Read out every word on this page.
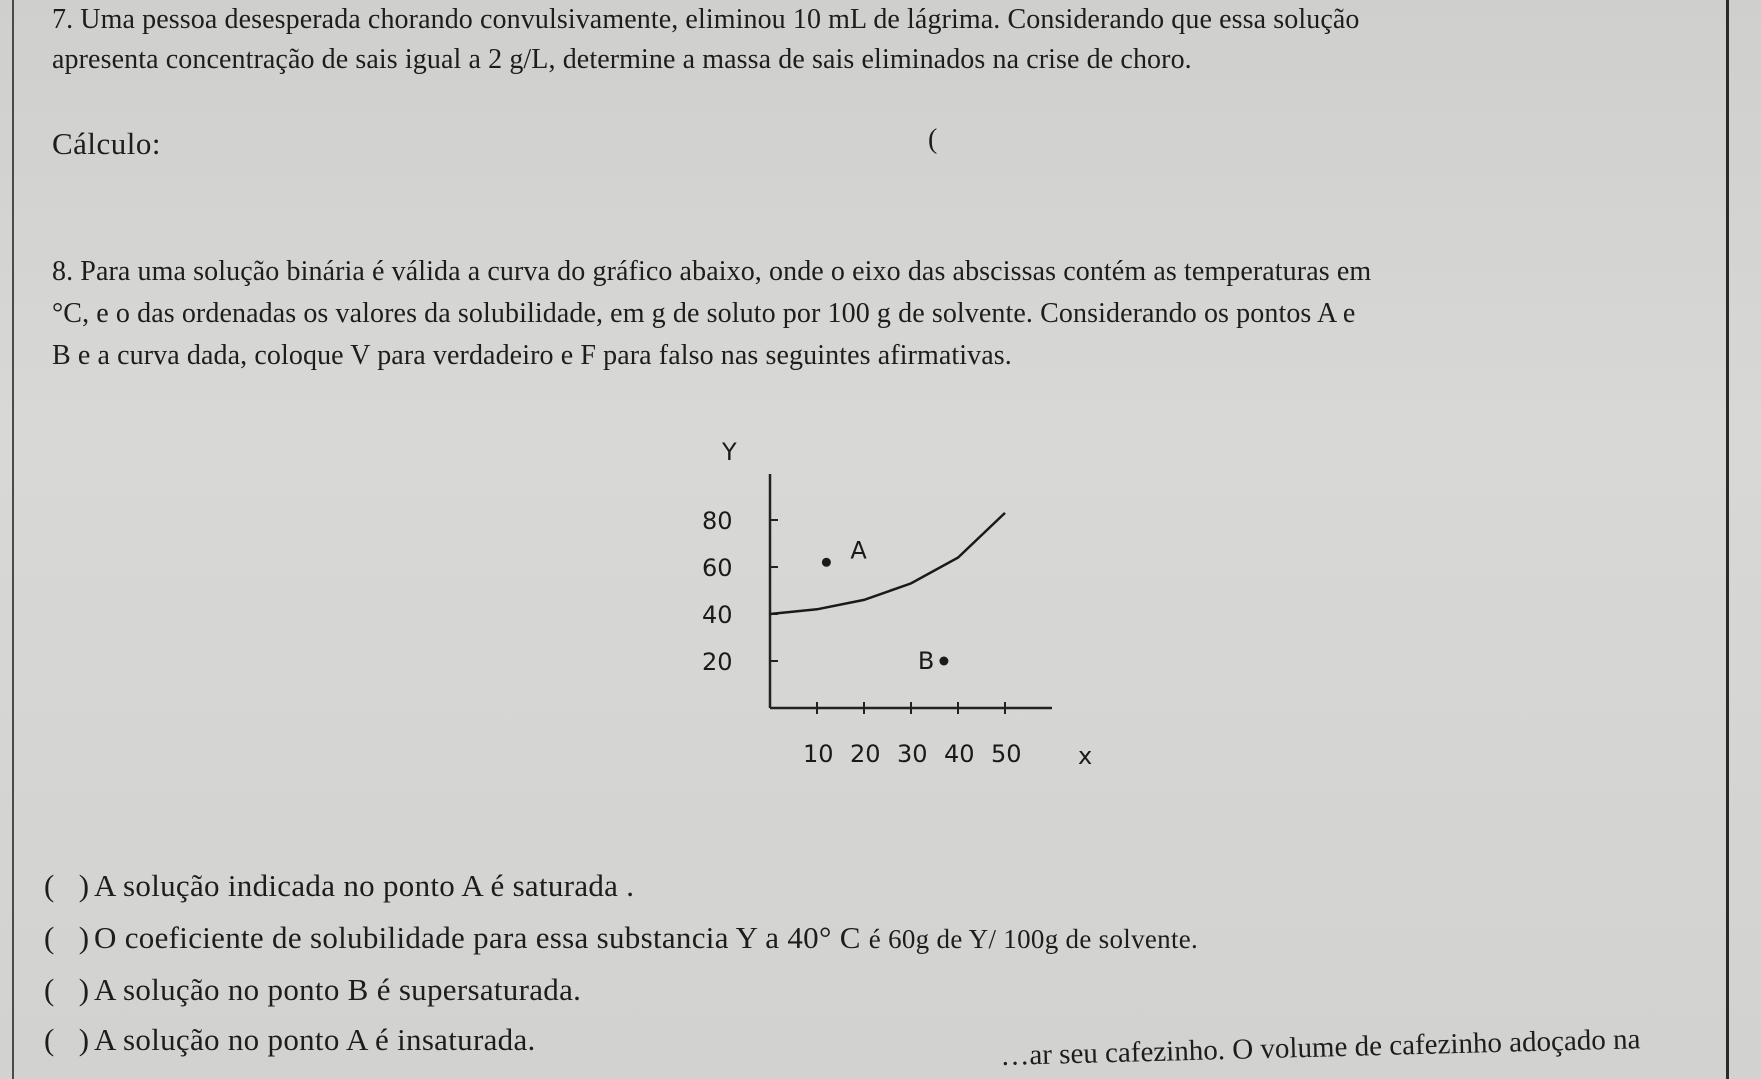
7. Uma pessoa desesperada chorando convulsivamente, eliminou 10 mL de lágrima. Considerando que essa solução
apresenta concentração de sais igual a 2 g/L, determine a massa de sais eliminados na crise de choro.
Cálculo:	(
8. Para uma solução binária é válida a curva do gráfico abaixo, onde o eixo das abscissas contém as temperaturas em
°C, e o das ordenadas os valores da solubilidade, em g de soluto por 100 g de solvente. Considerando os pontos A e
B e a curva dada, coloque V para verdadeiro e F para falso nas seguintes afirmativas.
Y
x
80
60
40
20
10 20 30 40 50
A
B
(   ) A solução indicada no ponto A é saturada .
(   ) O coeficiente de solubilidade para essa substancia Y a 40° C é 60g de Y/ 100g de solvente.
(   ) A solução no ponto B é supersaturada.
(   ) A solução no ponto A é insaturada.	…ar seu cafezinho. O volume de cafezinho adoçado na
